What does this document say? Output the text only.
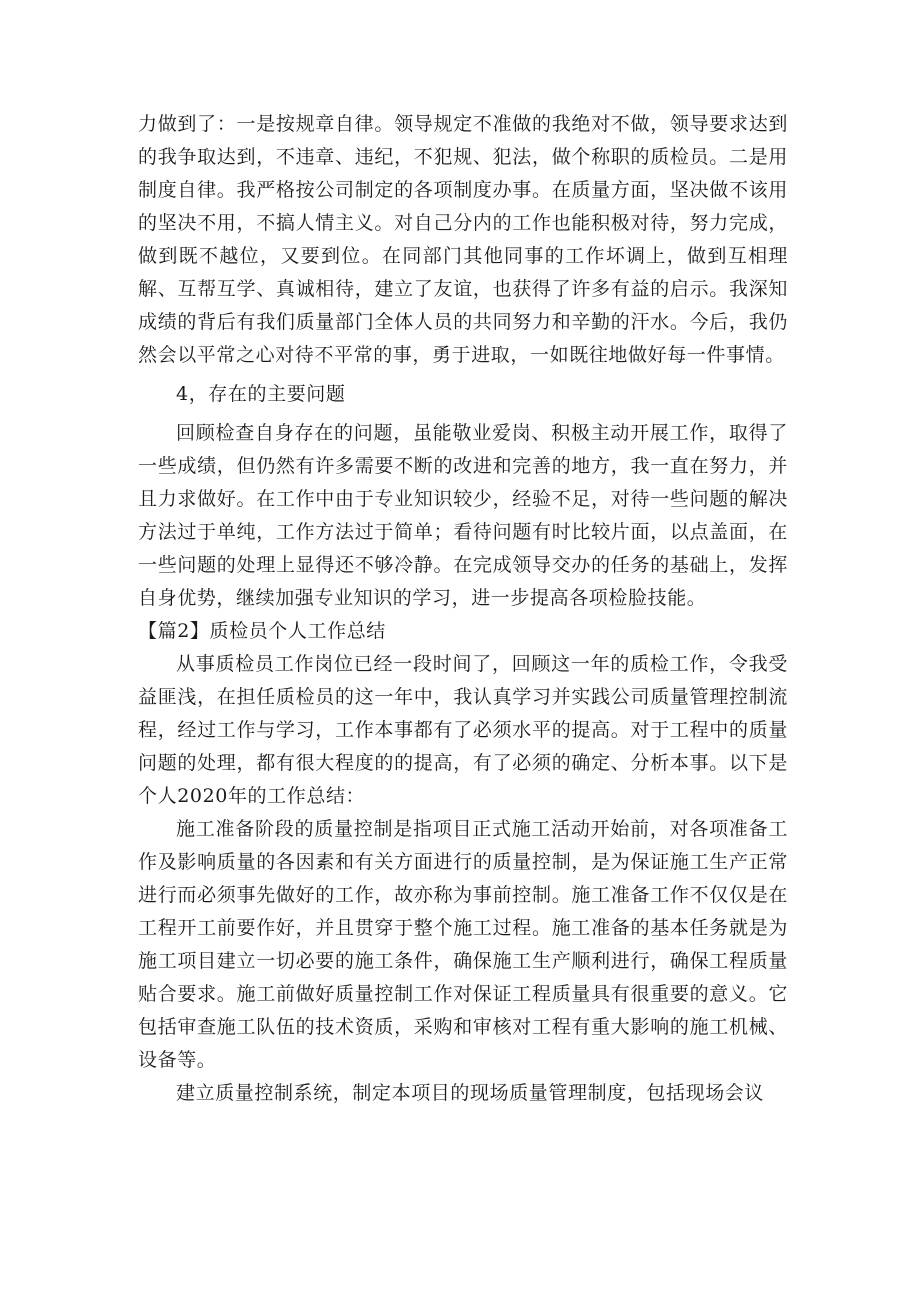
力做到了：一是按规章自律。领导规定不准做的我绝对不做，领导要求达到的我争取达到，不违章、违纪，不犯规、犯法，做个称职的质检员。二是用制度自律。我严格按公司制定的各项制度办事。在质量方面，坚决做不该用的坚决不用，不搞人情主义。对自己分内的工作也能积极对待，努力完成，做到既不越位，又要到位。在同部门其他同事的工作坏调上，做到互相理解、互帮互学、真诚相待，建立了友谊，也获得了许多有益的启示。我深知成绩的背后有我们质量部门全体人员的共同努力和辛勤的汗水。今后，我仍然会以平常之心对待不平常的事，勇于进取，一如既往地做好每一件事情。

4，存在的主要问题

回顾检查自身存在的问题，虽能敬业爱岗、积极主动开展工作，取得了一些成绩，但仍然有许多需要不断的改进和完善的地方，我一直在努力，并且力求做好。在工作中由于专业知识较少，经验不足，对待一些问题的解决方法过于单纯，工作方法过于简单；看待问题有时比较片面，以点盖面，在一些问题的处理上显得还不够冷静。在完成领导交办的任务的基础上，发挥自身优势，继续加强专业知识的学习，进一步提高各项检脸技能。

【篇2】质检员个人工作总结

从事质检员工作岗位已经一段时间了，回顾这一年的质检工作，令我受益匪浅，在担任质检员的这一年中，我认真学习并实践公司质量管理控制流程，经过工作与学习，工作本事都有了必须水平的提高。对于工程中的质量问题的处理，都有很大程度的的提高，有了必须的确定、分析本事。以下是个人2020年的工作总结：

施工准备阶段的质量控制是指项目正式施工活动开始前，对各项准备工作及影响质量的各因素和有关方面进行的质量控制，是为保证施工生产正常进行而必须事先做好的工作，故亦称为事前控制。施工准备工作不仅仅是在工程开工前要作好，并且贯穿于整个施工过程。施工准备的基本任务就是为施工项目建立一切必要的施工条件，确保施工生产顺利进行，确保工程质量贴合要求。施工前做好质量控制工作对保证工程质量具有很重要的意义。它包括审查施工队伍的技术资质，采购和审核对工程有重大影响的施工机械、设备等。

建立质量控制系统，制定本项目的现场质量管理制度，包括现场会议
